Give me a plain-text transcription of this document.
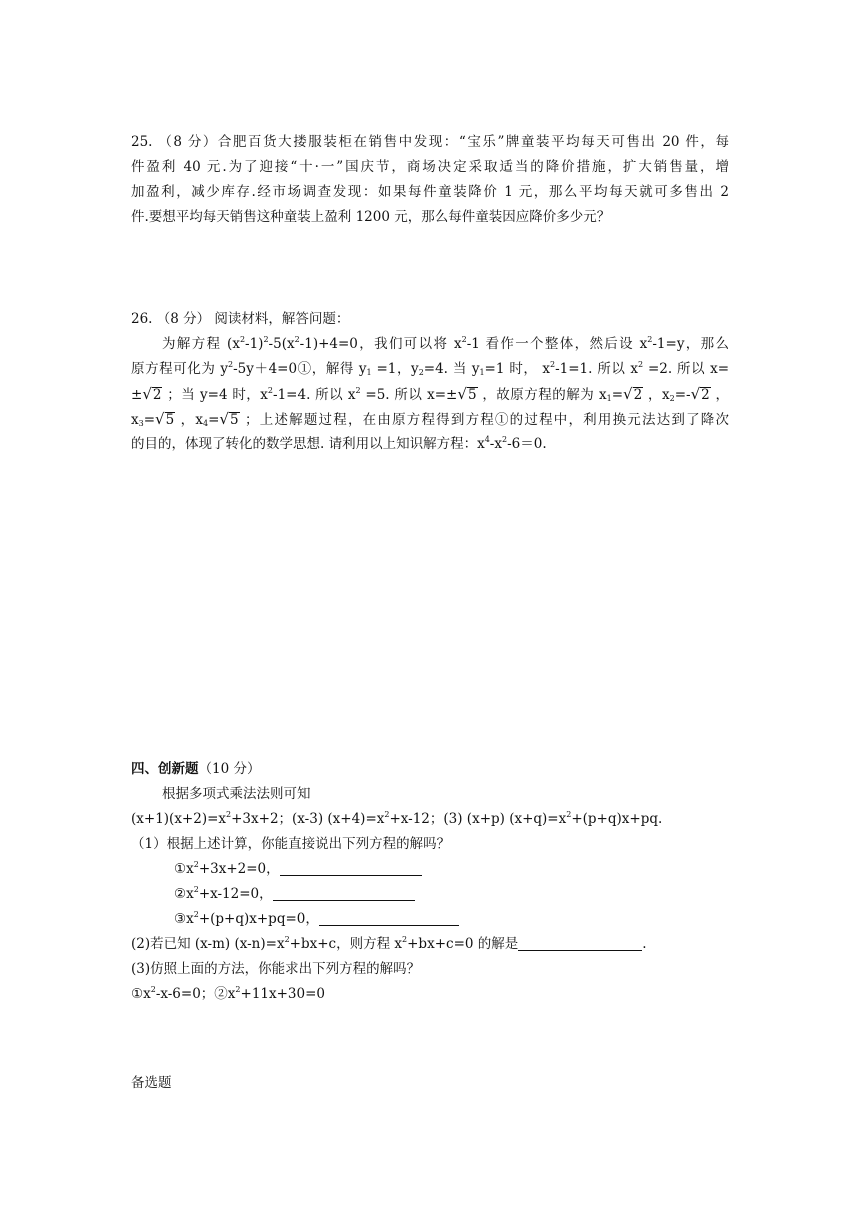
25. （8 分）合肥百货大搂服装柜在销售中发现：“宝乐”牌童装平均每天可售出 20 件，每
件盈利 40 元.为了迎接“十·一”国庆节，商场决定采取适当的降价措施，扩大销售量，增
加盈利，减少库存.经市场调查发现：如果每件童装降价 1 元，那么平均每天就可多售出 2
件.要想平均每天销售这种童装上盈利 1200 元，那么每件童装因应降价多少元？
26. （8 分） 阅读材料，解答问题：
为解方程 $(x^2-1)^2-5(x^2-1)+4=0$，我们可以将 $x^2-1$ 看作一个整体，然后设 $x^2-1=y$，那么
原方程可化为 $y^2-5y+4=0①$，解得 $y_1 =1$，$y_2=4$. 当 $y_1=1$ 时， $x^2-1=1$. 所以 $x^2 =2$. 所以 x=
±√2 ；当 y=4 时，$x^2-1=4$. 所以 $x^2 =5$. 所以 x=±√5 ，故原方程的解为 $x_1=√2$ ，$x_2=-√2$ ，
$x_3=√5$ ，$x_4=√5$ ；上述解题过程，在由原方程得到方程①的过程中，利用换元法达到了降次
的目的，体现了转化的数学思想. 请利用以上知识解方程：$x^4-x^2-6=0$.
四、创新题（10 分）
根据多项式乘法法则可知
$(x+1)(x+2)=x^2+3x+2$；(x-3) $(x+4)=x^2+x-12$；(3) (x+p) $(x+q)=x^2+(p+q)x+pq$.
（1）根据上述计算，你能直接说出下列方程的解吗？
$①x^2+3x+2=0$，
$②x^2+x-12=0$，
$③x^2+(p+q)x+pq=0$，
(2)若已知 (x-m) $(x-n)=x^2+bx+c$，则方程 $x^2+bx+c=0$ 的解是	.
(3)仿照上面的方法，你能求出下列方程的解吗？
$①x^2-x-6=0$；$②x^2+11x+30=0$
备选题
